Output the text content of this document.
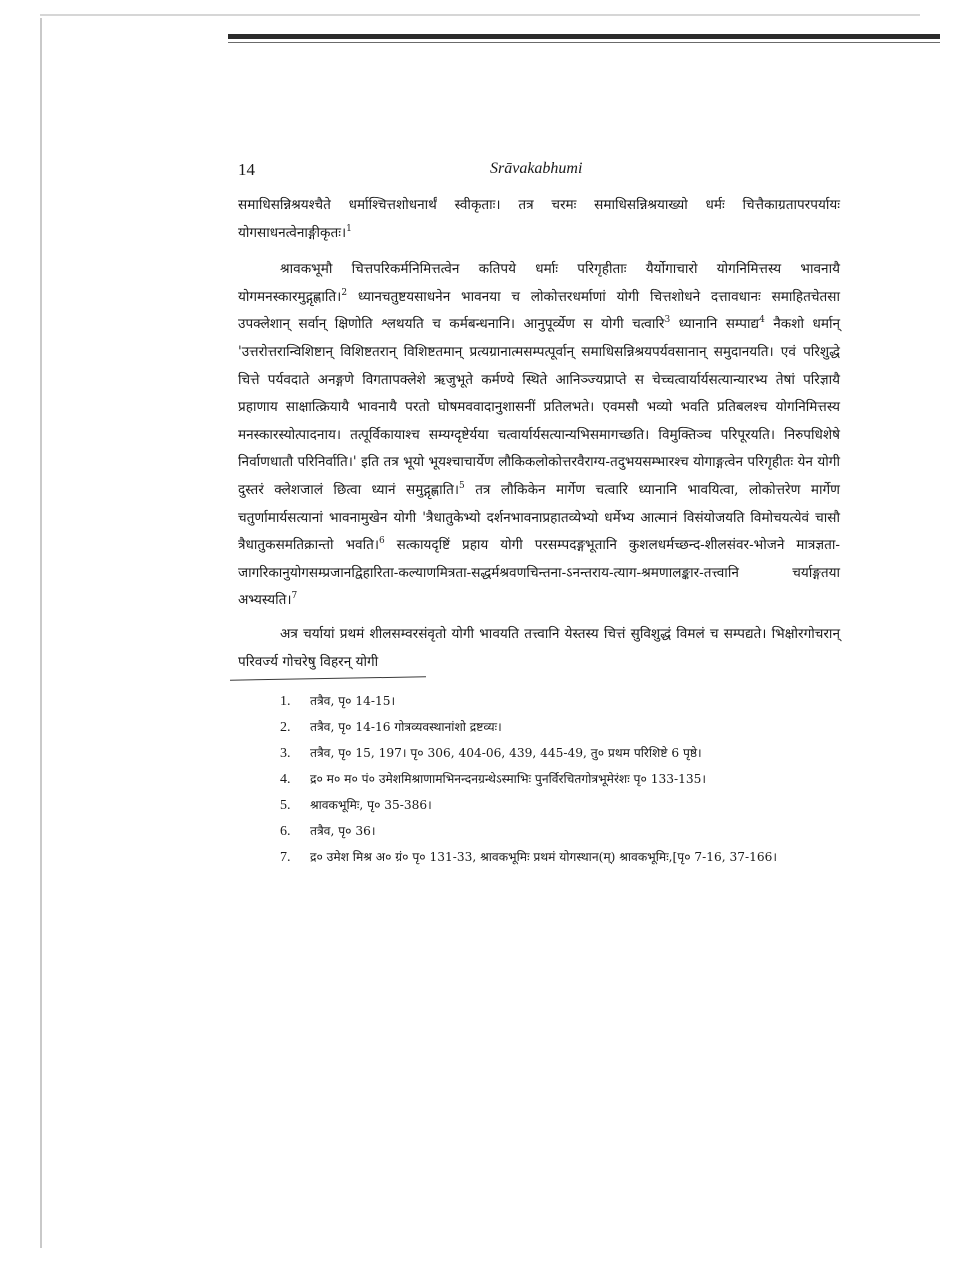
14	Srāvakabhumi

समाधिसन्निश्रयश्चैते धर्माश्चित्तशोधनार्थं स्वीकृताः। तत्र चरमः समाधिसन्निश्रयाख्यो धर्मः चित्तैकाग्रतापरपर्यायः योगसाधनत्वेनाङ्गीकृतः।$^1$

श्रावकभूमौ चित्तपरिकर्मनिमित्तत्वेन कतिपये धर्माः परिगृहीताः यैर्योगाचारो योगनिमित्तस्य भावनायै योगमनस्कारमुद्गृह्णाति।$^2$ ध्यानचतुष्टयसाधनेन भावनया च लोकोत्तरधर्माणां योगी चित्तशोधने दत्तावधानः समाहितचेतसा उपक्लेशान् सर्वान् क्षिणोति श्लथयति च कर्मबन्धनानि। आनुपूर्व्येण स योगी चत्वारि$^3$ ध्यानानि सम्पाद्य$^4$ नैकशो धर्मान् 'उत्तरोत्तरान्विशिष्टान् विशिष्टतरान् विशिष्टतमान् प्रत्यग्रानात्मसम्पत्पूर्वान् समाधिसन्निश्रयपर्यवसानान् समुदानयति। एवं परिशुद्धे चित्ते पर्यवदाते अनङ्गणे विगतापक्लेशे ऋजुभूते कर्मण्ये स्थिते आनिञ्ज्यप्राप्ते स चेच्चत्वार्यार्यसत्यान्यारभ्य तेषां परिज्ञायै प्रहाणाय साक्षात्क्रियायै भावनायै परतो घोषमववादानुशासनीं प्रतिलभते। एवमसौ भव्यो भवति प्रतिबलश्च योगनिमित्तस्य मनस्कारस्योत्पादनाय। तत्पूर्विकायाश्च सम्यग्दृष्टेर्यया चत्वार्यार्यसत्यान्यभिसमागच्छति। विमुक्तिञ्च परिपूरयति। निरुपधिशेषे निर्वाणधातौ परिनिर्वाति।' इति तत्र भूयो भूयश्चाचार्येण लौकिकलोकोत्तरवैराग्य-तदुभयसम्भारश्च योगाङ्गत्वेन परिगृहीतः येन योगी दुस्तरं क्लेशजालं छित्वा ध्यानं समुद्गृह्णाति।$^5$ तत्र लौकिकेन मार्गेण चत्वारि ध्यानानि भावयित्वा, लोकोत्तरेण मार्गेण चतुर्णामार्यसत्यानां भावनामुखेन योगी 'त्रैधातुकेभ्यो दर्शनभावनाप्रहातव्येभ्यो धर्मेभ्य आत्मानं विसंयोजयति विमोचयत्येवं चासौ त्रैधातुकसमतिक्रान्तो भवति।$^6$ सत्कायदृष्टिं प्रहाय योगी परसम्पदङ्गभूतानि कुशलधर्मच्छन्द-शीलसंवर-भोजने मात्रज्ञता-जागरिकानुयोगसम्प्रजानद्विहारिता-कल्याणमित्रता-सद्धर्मश्रवणचिन्तना-ऽनन्तराय-त्याग-श्रमणालङ्कार-तत्त्वानि चर्याङ्गतया अभ्यस्यति।$^7$

अत्र चर्यायां प्रथमं शीलसम्वरसंवृतो योगी भावयति तत्त्वानि येस्तस्य चित्तं सुविशुद्धं विमलं च सम्पद्यते। भिक्षोरगोचरान् परिवर्ज्य गोचरेषु विहरन् योगी

1.	तत्रैव, पृ० 14-15।
2.	तत्रैव, पृ० 14-16 गोत्रव्यवस्थानांशो द्रष्टव्यः।
3.	तत्रैव, पृ० 15, 197। पृ० 306, 404-06, 439, 445-49, तु० प्रथम परिशिष्टे 6 पृष्ठे।
4.	द्र० म० म० पं० उमेशमिश्राणामभिनन्दनग्रन्थेऽस्माभिः पुनर्विरचितगोत्रभूमेरंशः पृ० 133-135।
5.	श्रावकभूमिः, पृ० 35-386।
6.	तत्रैव, पृ० 36।
7.	द्र० उमेश मिश्र अ० ग्रं० पृ० 131-33, श्रावकभूमिः प्रथमं योगस्थान(म्) श्रावकभूमिः,[पृ० 7-16, 37-166।
